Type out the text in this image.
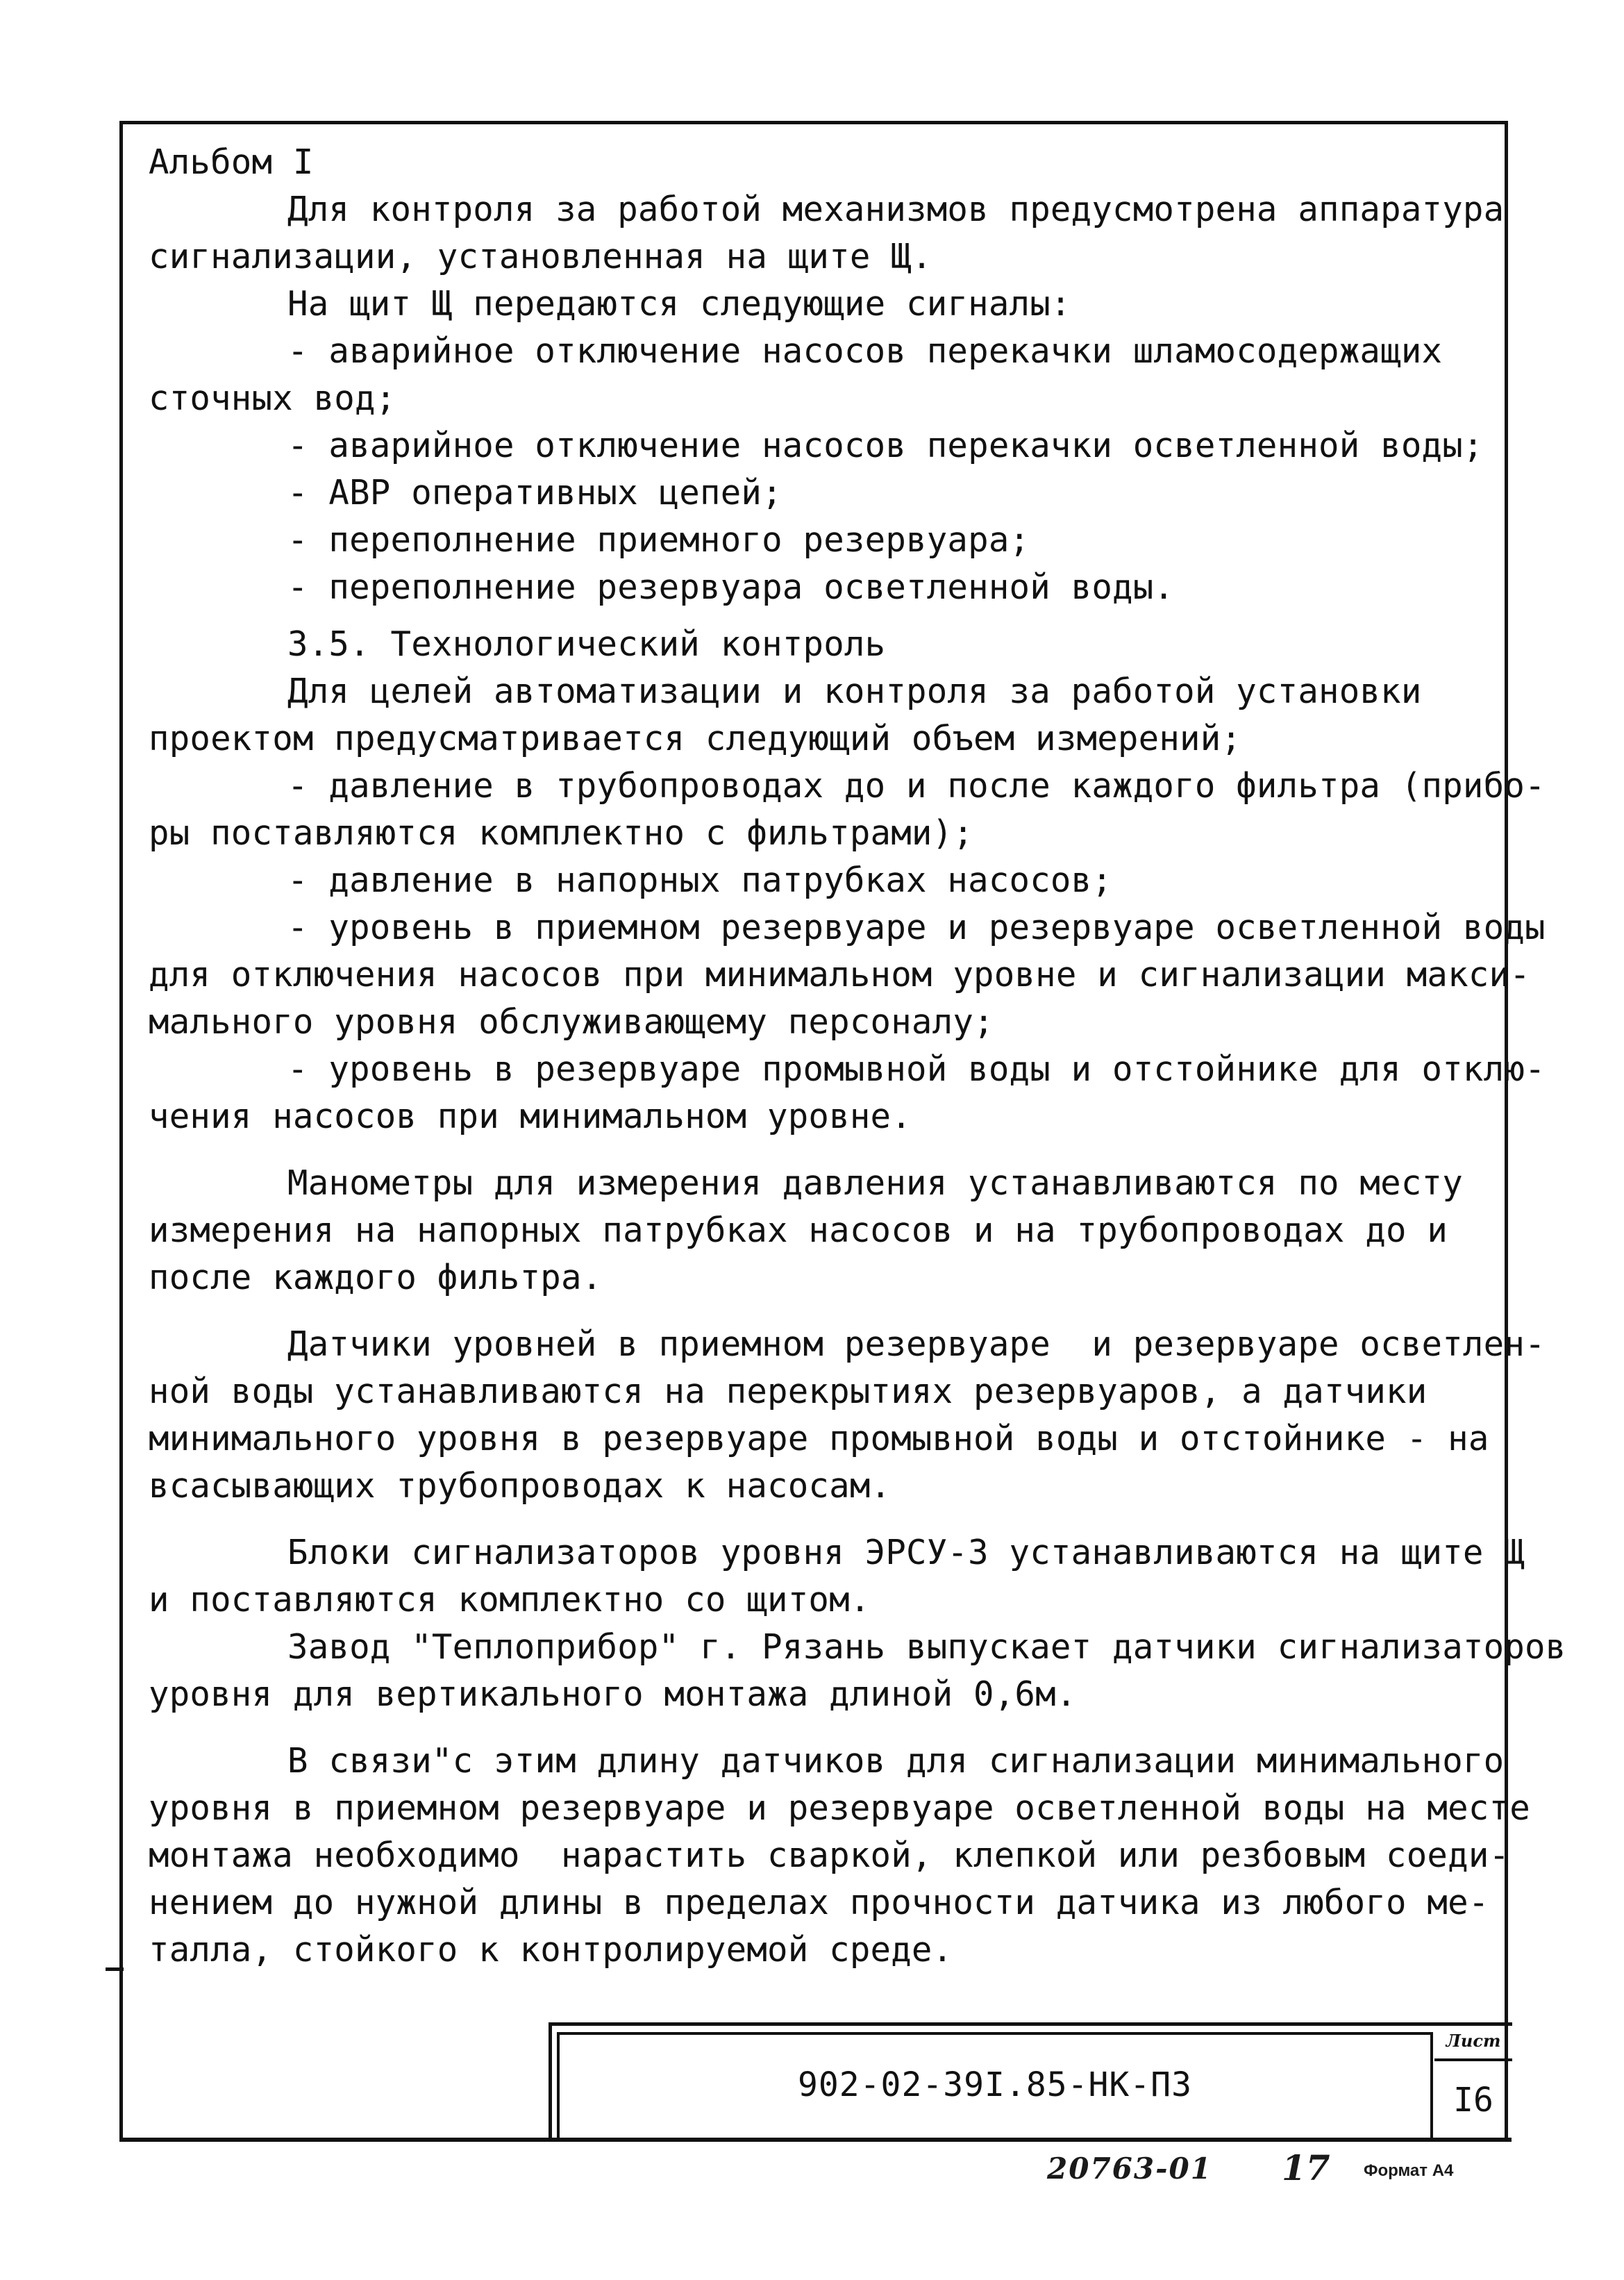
Альбом I

Для контроля за работой механизмов предусмотрена аппаратура

сигнализации, установленная на щите Щ.

На щит Щ передаются следующие сигналы:

- аварийное отключение насосов перекачки шламосодержащих

сточных вод;

- аварийное отключение насосов перекачки осветленной воды;

- АВР оперативных цепей;

- переполнение приемного резервуара;

- переполнение резервуара осветленной воды.

3.5. Технологический контроль

Для целей автоматизации и контроля за работой установки

проектом предусматривается следующий объем измерений;

- давление в трубопроводах до и после каждого фильтра (прибо-

ры поставляются комплектно с фильтрами);

- давление в напорных патрубках насосов;

- уровень в приемном резервуаре и резервуаре осветленной воды

для отключения насосов при минимальном уровне и сигнализации макси-

мального уровня обслуживающему персоналу;

- уровень в резервуаре промывной воды и отстойнике для отклю-

чения насосов при минимальном уровне.

Манометры для измерения давления устанавливаются по месту

измерения на напорных патрубках насосов и на трубопроводах до и

после каждого фильтра.

Датчики уровней в приемном резервуаре  и резервуаре осветлен-

ной воды устанавливаются на перекрытиях резервуаров, а датчики

минимального уровня в резервуаре промывной воды и отстойнике - на

всасывающих трубопроводах к насосам.

Блоки сигнализаторов уровня ЭРСУ-3 устанавливаются на щите Щ

и поставляются комплектно со щитом.

Завод "Теплоприбор" г. Рязань выпускает датчики сигнализаторов

уровня для вертикального монтажа длиной 0,6м.

В связи"с этим длину датчиков для сигнализации минимального

уровня в приемном резервуаре и резервуаре осветленной воды на месте

монтажа необходимо  нарастить сваркой, клепкой или резбовым соеди-

нением до нужной длины в пределах прочности датчика из любого ме-

талла, стойкого к контролируемой среде.

902-02-39I.85-НК-ПЗ
Лист
I6
20763-01 17 Формат А4
